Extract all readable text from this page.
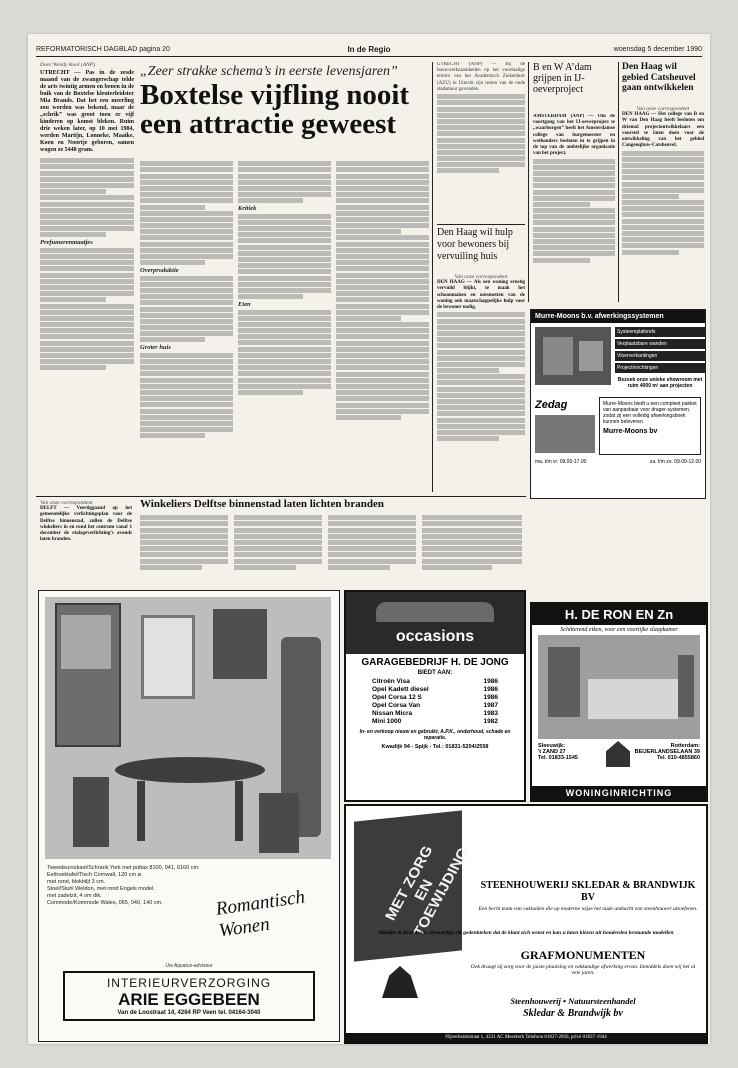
REFORMATORISCH DAGBLAD pagina 20	In de Regio	woensdag 5 december 1990
Door Wendy Kool (ANP)
UTRECHT — Pas in de zesde maand van de zwangerschap telde de arts twintig armen en benen in de buik van de Boxtelse kleuterleidster Mia Brands. Dat het een meerling zou worden was bekend, maar de „schrik” was groot toen er vijf kinderen op komst bleken. Ruim drie weken later, op 10 mei 1984, werden Martijn, Lonneke, Maaike, Koen en Noortje geboren, samen wogen ze 5440 gram.
Prefumerenmaatjes
„Zeer strakke schema’s in eerste levensjaren”
Boxtelse vijfling nooit een attractie geweest
Overproduktie
Groter huis
Kritiek
Eten
UTRECHT (ANP) — Bij de bouwwerkzaamheden op het voormalige terrein van het Academisch Ziekenhuis (AZU) in Utrecht zijn resten van de oude stadsmuur gevonden.
Den Haag wil hulp voor bewoners bij vervuiling huis
Van onze correspondent
DEN HAAG — Als een woning ernstig vervuild blijkt, te maak het schoonmaken en ontsmetten van de woning ook maatschappelijke hulp voor de bewoner nodig.
B en W A’dam grijpen in IJ-oeverproject
AMSTERDAM (ANP) — Om de voortgang van het IJ-oeverproject te „waarborgen” heeft het Amsterdamse college van burgemeester en wethouders besloten in te grijpen in de top van de ambtelijke organisatie van het project.
Den Haag wil gebied Catsheuvel gaan ontwikkelen
Van onze correspondent
DEN HAAG — Het college van B en W van Den Haag heeft besloten om driemal projectontwikkelaars een voorstel te laten doen voor de ontwikkeling van het gebied Cangenqhuw-Catsheuvel.
Murre-Moons b.v. afwerkingssystemen
Systeemplafonds
Verplaatsbare wanden
Vloerverkantingen
Projectinrichtingen
Bezoek onze unieke showroom met ruim 4000 m² aan projecten
Zedag	Murre-Moons biedt u een compleet pakket van aanpasbaar voor drager-systemen, zodat zij een volledig afwerkingsboek kunnen beleveren
Murre-Moons bv
ma. t/m vr. 09.00-17.00	za. t/m zo. 09.00-12.00
Van onze correspondent
DELFT — Veertiggaand op het gemeentelijke verlichtingsplan voor de Delftse binnenstad, zullen de Delftse winkeliers in en rond het centrum vanaf 1 december de etalageverlichting’s avonds laten branden.
Winkeliers Delftse binnenstad laten lichten branden
Tweedeursskast/Schrank York met puttax 8100, 041, 6160 cm.
Eethoektafel/Tisch Cornwall, 120 cm ø.
met rond, blokbiljt 3 cm.
Stoel/Stuhl Weldon, met rond Engels model.
met zadelzit, 4 om dik.
Commode/Kommode Wales, 065, 040, 140 cm.	Romantisch Wonen
Uw Aquatus-adviseur
INTERIEURVERZORGING
ARIE EGGEBEEN
Van de Loostraat 14, 4264 RP Veen tel. 04164-3040
occasions
GARAGEBEDRIJF H. DE JONG
BIEDT AAN:
Citroën Visa	1986
Opel Kadett diesel	1986
Opel Corsa 12 S	1986
Opel Corsa Van	1987
Nissan Micra	1983
Mini 1000	1982
In- en verkoop nieuw en gebruikt, A.P.K., onderhoud, schade en reparatie.
Kwadijk 94 - Spijk - Tel.: 01831-5204/2558
H. DE RON EN Zn
Schitterend eiken, voor een voortijke slaapkamer
Sleeuwijk:
't ZAND 27
Tel. 01833-1545
Rotterdam:
BEIJERLANDSELAAN 39
Tel. 010-4855860
WONINGINRICHTING
MET ZORG EN TOEWIJDING STEENHOUWERIJ SKLEDAR & BRANDWIJK BV
Een hecht team van vakluiden die op moderne wijze het oude ambacht van steenhouwer uitoefenen.
Skledar & Brandwijk vervaardigt elk gedenkteken dat de klant zich wenst en kan u laten kiezen uit honderden bestaande modellen
GRAFMONUMENTEN
Ook draagt zij zorg voor de juiste plaatsing en vakkundige afwerking ervan. Inmiddels doen wij het al vele jaren.
Steenhouwerij • Natuursteenhandel
Skledar & Brandwijk bv
Nijverheidsstraat 1, 4231 AC Meerkerk Telefoon 01837-2056, privé 01837-1944
